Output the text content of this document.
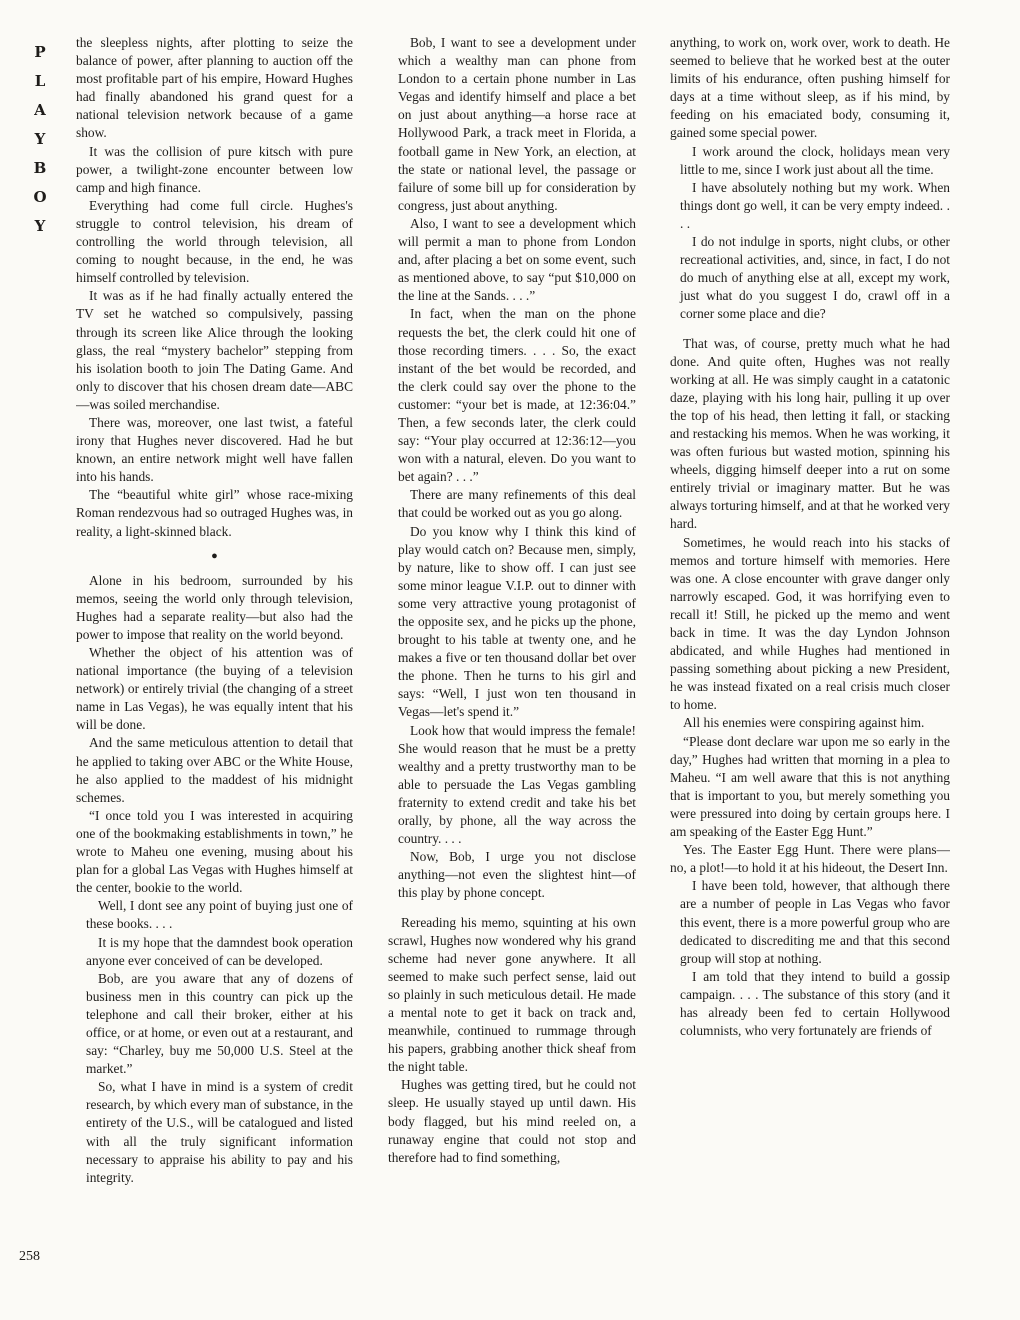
P
L
A
Y
B
O
Y
258

the sleepless nights, after plotting to seize the balance of power, after planning to auction off the most profitable part of his empire, Howard Hughes had finally abandoned his grand quest for a national television network because of a game show.

It was the collision of pure kitsch with pure power, a twilight-zone encounter between low camp and high finance.

Everything had come full circle. Hughes's struggle to control television, his dream of controlling the world through television, all coming to nought because, in the end, he was himself controlled by television.

It was as if he had finally actually entered the TV set he watched so compulsively, passing through its screen like Alice through the looking glass, the real “mystery bachelor” stepping from his isolation booth to join The Dating Game. And only to discover that his chosen dream date—ABC—was soiled merchandise.

There was, moreover, one last twist, a fateful irony that Hughes never discovered. Had he but known, an entire network might well have fallen into his hands.

The “beautiful white girl” whose race-mixing Roman rendezvous had so outraged Hughes was, in reality, a light-skinned black.

●

Alone in his bedroom, surrounded by his memos, seeing the world only through television, Hughes had a separate reality—but also had the power to impose that reality on the world beyond.

Whether the object of his attention was of national importance (the buying of a television network) or entirely trivial (the changing of a street name in Las Vegas), he was equally intent that his will be done.

And the same meticulous attention to detail that he applied to taking over ABC or the White House, he also applied to the maddest of his midnight schemes.

“I once told you I was interested in acquiring one of the bookmaking establishments in town,” he wrote to Maheu one evening, musing about his plan for a global Las Vegas with Hughes himself at the center, bookie to the world.

Well, I dont see any point of buying just one of these books. . . .

It is my hope that the damndest book operation anyone ever conceived of can be developed.

Bob, are you aware that any of dozens of business men in this country can pick up the telephone and call their broker, either at his office, or at home, or even out at a restaurant, and say: “Charley, buy me 50,000 U.S. Steel at the market.”

So, what I have in mind is a system of credit research, by which every man of substance, in the entirety of the U.S., will be catalogued and listed with all the truly significant information necessary to appraise his ability to pay and his integrity.

Bob, I want to see a development under which a wealthy man can phone from London to a certain phone number in Las Vegas and identify himself and place a bet on just about anything—a horse race at Hollywood Park, a track meet in Florida, a football game in New York, an election, at the state or national level, the passage or failure of some bill up for consideration by congress, just about anything.

Also, I want to see a development which will permit a man to phone from London and, after placing a bet on some event, such as mentioned above, to say “put $10,000 on the line at the Sands. . . .”

In fact, when the man on the phone requests the bet, the clerk could hit one of those recording timers. . . . So, the exact instant of the bet would be recorded, and the clerk could say over the phone to the customer: “your bet is made, at 12:36:04.” Then, a few seconds later, the clerk could say: “Your play occurred at 12:36:12—you won with a natural, eleven. Do you want to bet again? . . .”

There are many refinements of this deal that could be worked out as you go along.

Do you know why I think this kind of play would catch on? Because men, simply, by nature, like to show off. I can just see some minor league V.I.P. out to dinner with some very attractive young protagonist of the opposite sex, and he picks up the phone, brought to his table at twenty one, and he makes a five or ten thousand dollar bet over the phone. Then he turns to his girl and says: “Well, I just won ten thousand in Vegas—let's spend it.”

Look how that would impress the female! She would reason that he must be a pretty wealthy and a pretty trustworthy man to be able to persuade the Las Vegas gambling fraternity to extend credit and take his bet orally, by phone, all the way across the country. . . .

Now, Bob, I urge you not disclose anything—not even the slightest hint—of this play by phone concept.

Rereading his memo, squinting at his own scrawl, Hughes now wondered why his grand scheme had never gone anywhere. It all seemed to make such perfect sense, laid out so plainly in such meticulous detail. He made a mental note to get it back on track and, meanwhile, continued to rummage through his papers, grabbing another thick sheaf from the night table.

Hughes was getting tired, but he could not sleep. He usually stayed up until dawn. His body flagged, but his mind reeled on, a runaway engine that could not stop and therefore had to find something,

anything, to work on, work over, work to death. He seemed to believe that he worked best at the outer limits of his endurance, often pushing himself for days at a time without sleep, as if his mind, by feeding on his emaciated body, consuming it, gained some special power.

I work around the clock, holidays mean very little to me, since I work just about all the time.

I have absolutely nothing but my work. When things dont go well, it can be very empty indeed. . . .

I do not indulge in sports, night clubs, or other recreational activities, and, since, in fact, I do not do much of anything else at all, except my work, just what do you suggest I do, crawl off in a corner some place and die?

That was, of course, pretty much what he had done. And quite often, Hughes was not really working at all. He was simply caught in a catatonic daze, playing with his long hair, pulling it up over the top of his head, then letting it fall, or stacking and restacking his memos. When he was working, it was often furious but wasted motion, spinning his wheels, digging himself deeper into a rut on some entirely trivial or imaginary matter. But he was always torturing himself, and at that he worked very hard.

Sometimes, he would reach into his stacks of memos and torture himself with memories. Here was one. A close encounter with grave danger only narrowly escaped. God, it was horrifying even to recall it! Still, he picked up the memo and went back in time. It was the day Lyndon Johnson abdicated, and while Hughes had mentioned in passing something about picking a new President, he was instead fixated on a real crisis much closer to home.

All his enemies were conspiring against him.

“Please dont declare war upon me so early in the day,” Hughes had written that morning in a plea to Maheu. “I am well aware that this is not anything that is important to you, but merely something you were pressured into doing by certain groups here. I am speaking of the Easter Egg Hunt.”

Yes. The Easter Egg Hunt. There were plans—no, a plot!—to hold it at his hideout, the Desert Inn.

I have been told, however, that although there are a number of people in Las Vegas who favor this event, there is a more powerful group who are dedicated to discrediting me and that this second group will stop at nothing.

I am told that they intend to build a gossip campaign. . . . The substance of this story (and it has already been fed to certain Hollywood columnists, who very fortunately are friends of
